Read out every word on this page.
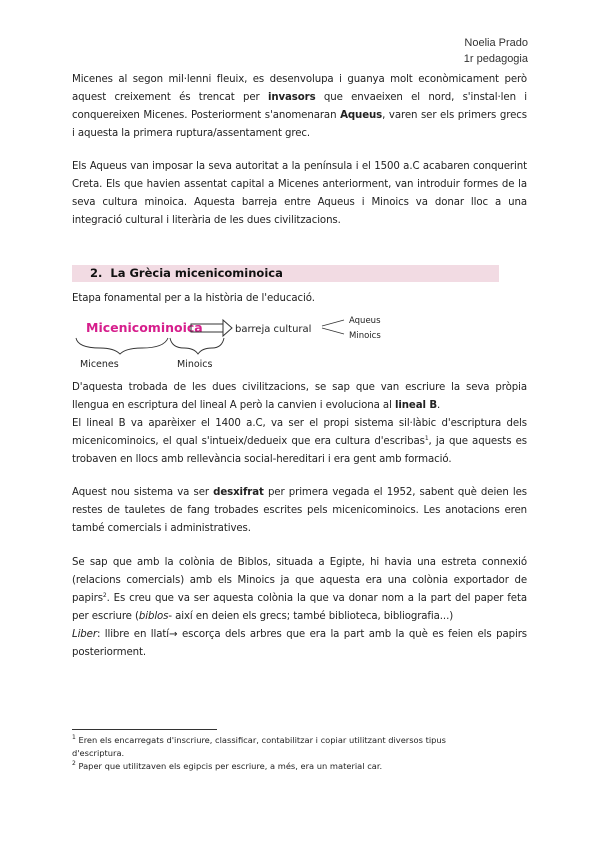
Noelia Prado
1r pedagogia

Micenes al segon mil·lenni fleuix, es desenvolupa i guanya molt econòmicament però aquest creixement és trencat per invasors que envaeixen el nord, s'instal·len i conquereixen Micenes. Posteriorment s'anomenaran Aqueus, varen ser els primers grecs i aquesta la primera ruptura/assentament grec.

Els Aqueus van imposar la seva autoritat a la península i el 1500 a.C acabaren conquerint Creta. Els que havien assentat capital a Micenes anteriorment, van introduir formes de la seva cultura minoica. Aquesta barreja entre Aqueus i Minoics va donar lloc a una integració cultural i literària de les dues civilitzacions.

2. La Grècia micenicominoica

Etapa fonamental per a la història de l'educació.

Micenicominoica	barreja cultural
Aqueus
Minoics
Micenes	Minoics

D'aquesta trobada de les dues civilitzacions, se sap que van escriure la seva pròpia llengua en escriptura del lineal A però la canvien i evoluciona al lineal B.

El lineal B va aparèixer el 1400 a.C, va ser el propi sistema sil·làbic d'escriptura dels micenicominoics, el qual s'intueix/dedueix que era cultura d'escribas$^1$, ja que aquests es trobaven en llocs amb rellevància social-hereditari i era gent amb formació.

Aquest nou sistema va ser desxifrat per primera vegada el 1952, sabent què deien les restes de tauletes de fang trobades escrites pels micenicominoics. Les anotacions eren també comercials i administratives.

Se sap que amb la colònia de Biblos, situada a Egipte, hi havia una estreta connexió (relacions comercials) amb els Minoics ja que aquesta era una colònia exportador de papirs$^2$. Es creu que va ser aquesta colònia la que va donar nom a la part del paper feta per escriure (biblos- així en deien els grecs; també biblioteca, bibliografia...)

Liber: llibre en llatí→ escorça dels arbres que era la part amb la què es feien els papirs posteriorment.

$^1$ Eren els encarregats d'inscriure, classificar, contabilitzar i copiar utilitzant diversos tipus d'escriptura.

$^2$ Paper que utilitzaven els egipcis per escriure, a més, era un material car.
